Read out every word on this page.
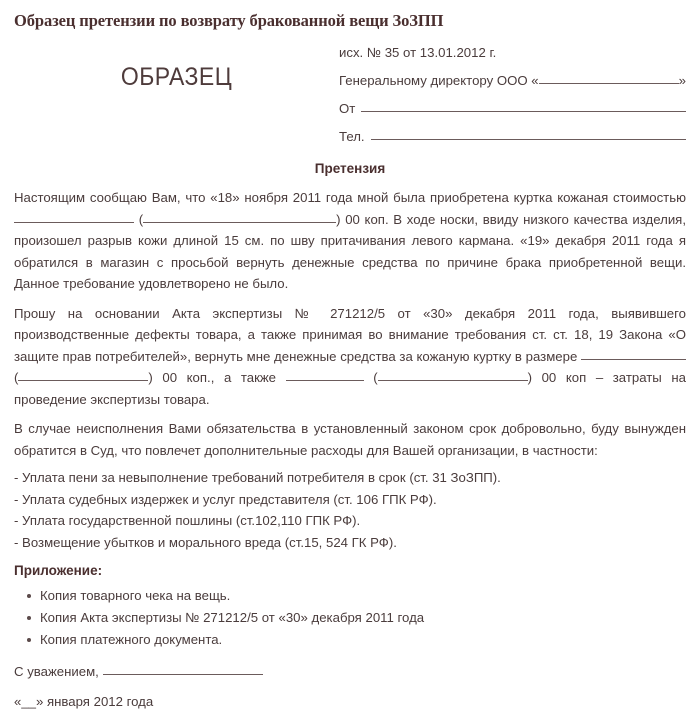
Образец претензии по возврату бракованной вещи ЗоЗПП
ОБРАЗЕЦ
исх. № 35 от 13.01.2012 г.
Генеральному директору ООО «	»
От
Тел.
Претензия

Настоящим сообщаю Вам, что «18» ноября 2011 года мной была приобретена куртка кожаная стоимостью  (	) 00 коп. В ходе носки, ввиду низкого качества изделия, произошел разрыв кожи длиной 15 см. по шву притачивания левого кармана. «19» декабря 2011 года я обратился в магазин с просьбой вернуть денежные средства по причине брака приобретенной вещи. Данное требование удовлетворено не было.

Прошу на основании Акта экспертизы № 271212/5 от «30» декабря 2011 года, выявившего производственные дефекты товара, а также принимая во внимание требования ст. ст. 18, 19 Закона «О защите прав потребителей», вернуть мне денежные средства за кожаную куртку в размере  (	) 00 коп., а также	(	) 00 коп – затраты на проведение экспертизы товара.

В случае неисполнения Вами обязательства в установленный законом срок добровольно, буду вынужден обратится в Суд, что повлечет дополнительные расходы для Вашей организации, в частности:

- Уплата пени за невыполнение требований потребителя в срок (ст. 31 ЗоЗПП).
- Уплата судебных издержек и услуг представителя (ст. 106 ГПК РФ).
- Уплата государственной пошлины (ст.102,110 ГПК РФ).
- Возмещение убытков и морального вреда (ст.15, 524 ГК РФ).
Приложение:
Копия товарного чека на вещь.
Копия Акта экспертизы № 271212/5 от «30» декабря 2011 года
Копия платежного документа.
С уважением,
«__» января 2012 года
